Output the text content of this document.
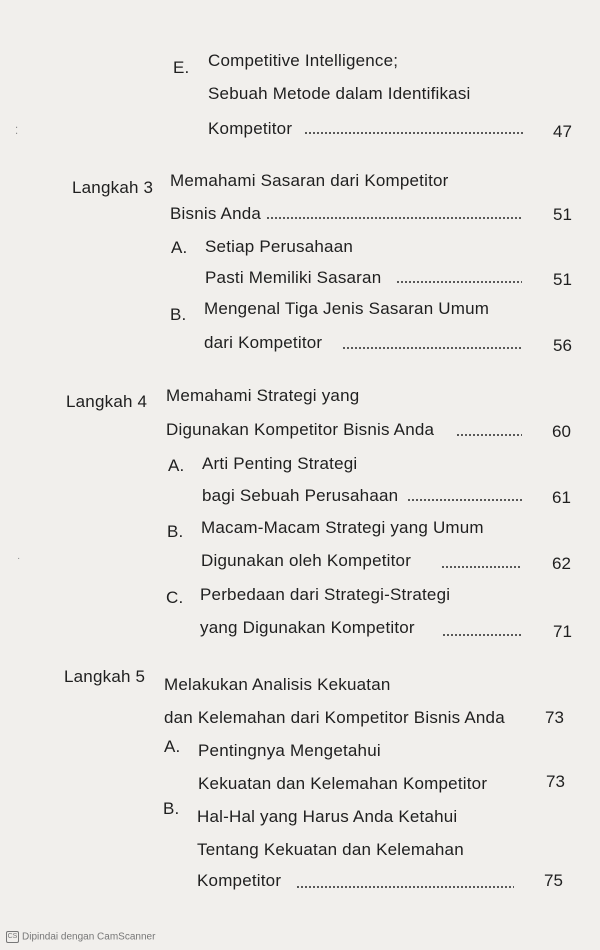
E. Competitive Intelligence;
Sebuah Metode dalam Identifikasi
Kompetitor	47
Langkah 3 Memahami Sasaran dari Kompetitor
Bisnis Anda	51
A. Setiap Perusahaan
Pasti Memiliki Sasaran	51
B. Mengenal Tiga Jenis Sasaran Umum
dari Kompetitor	56
Langkah 4 Memahami Strategi yang
Digunakan Kompetitor Bisnis Anda	60
A. Arti Penting Strategi
bagi Sebuah Perusahaan	61
B. Macam-Macam Strategi yang Umum
Digunakan oleh Kompetitor	62
C. Perbedaan dari Strategi-Strategi
yang Digunakan Kompetitor	71
Langkah 5 Melakukan Analisis Kekuatan
dan Kelemahan dari Kompetitor Bisnis Anda 73
A. Pentingnya Mengetahui
Kekuatan dan Kelemahan Kompetitor	73
B. Hal-Hal yang Harus Anda Ketahui
Tentang Kekuatan dan Kelemahan
Kompetitor	75
⁚
·
CS Dipindai dengan CamScanner
